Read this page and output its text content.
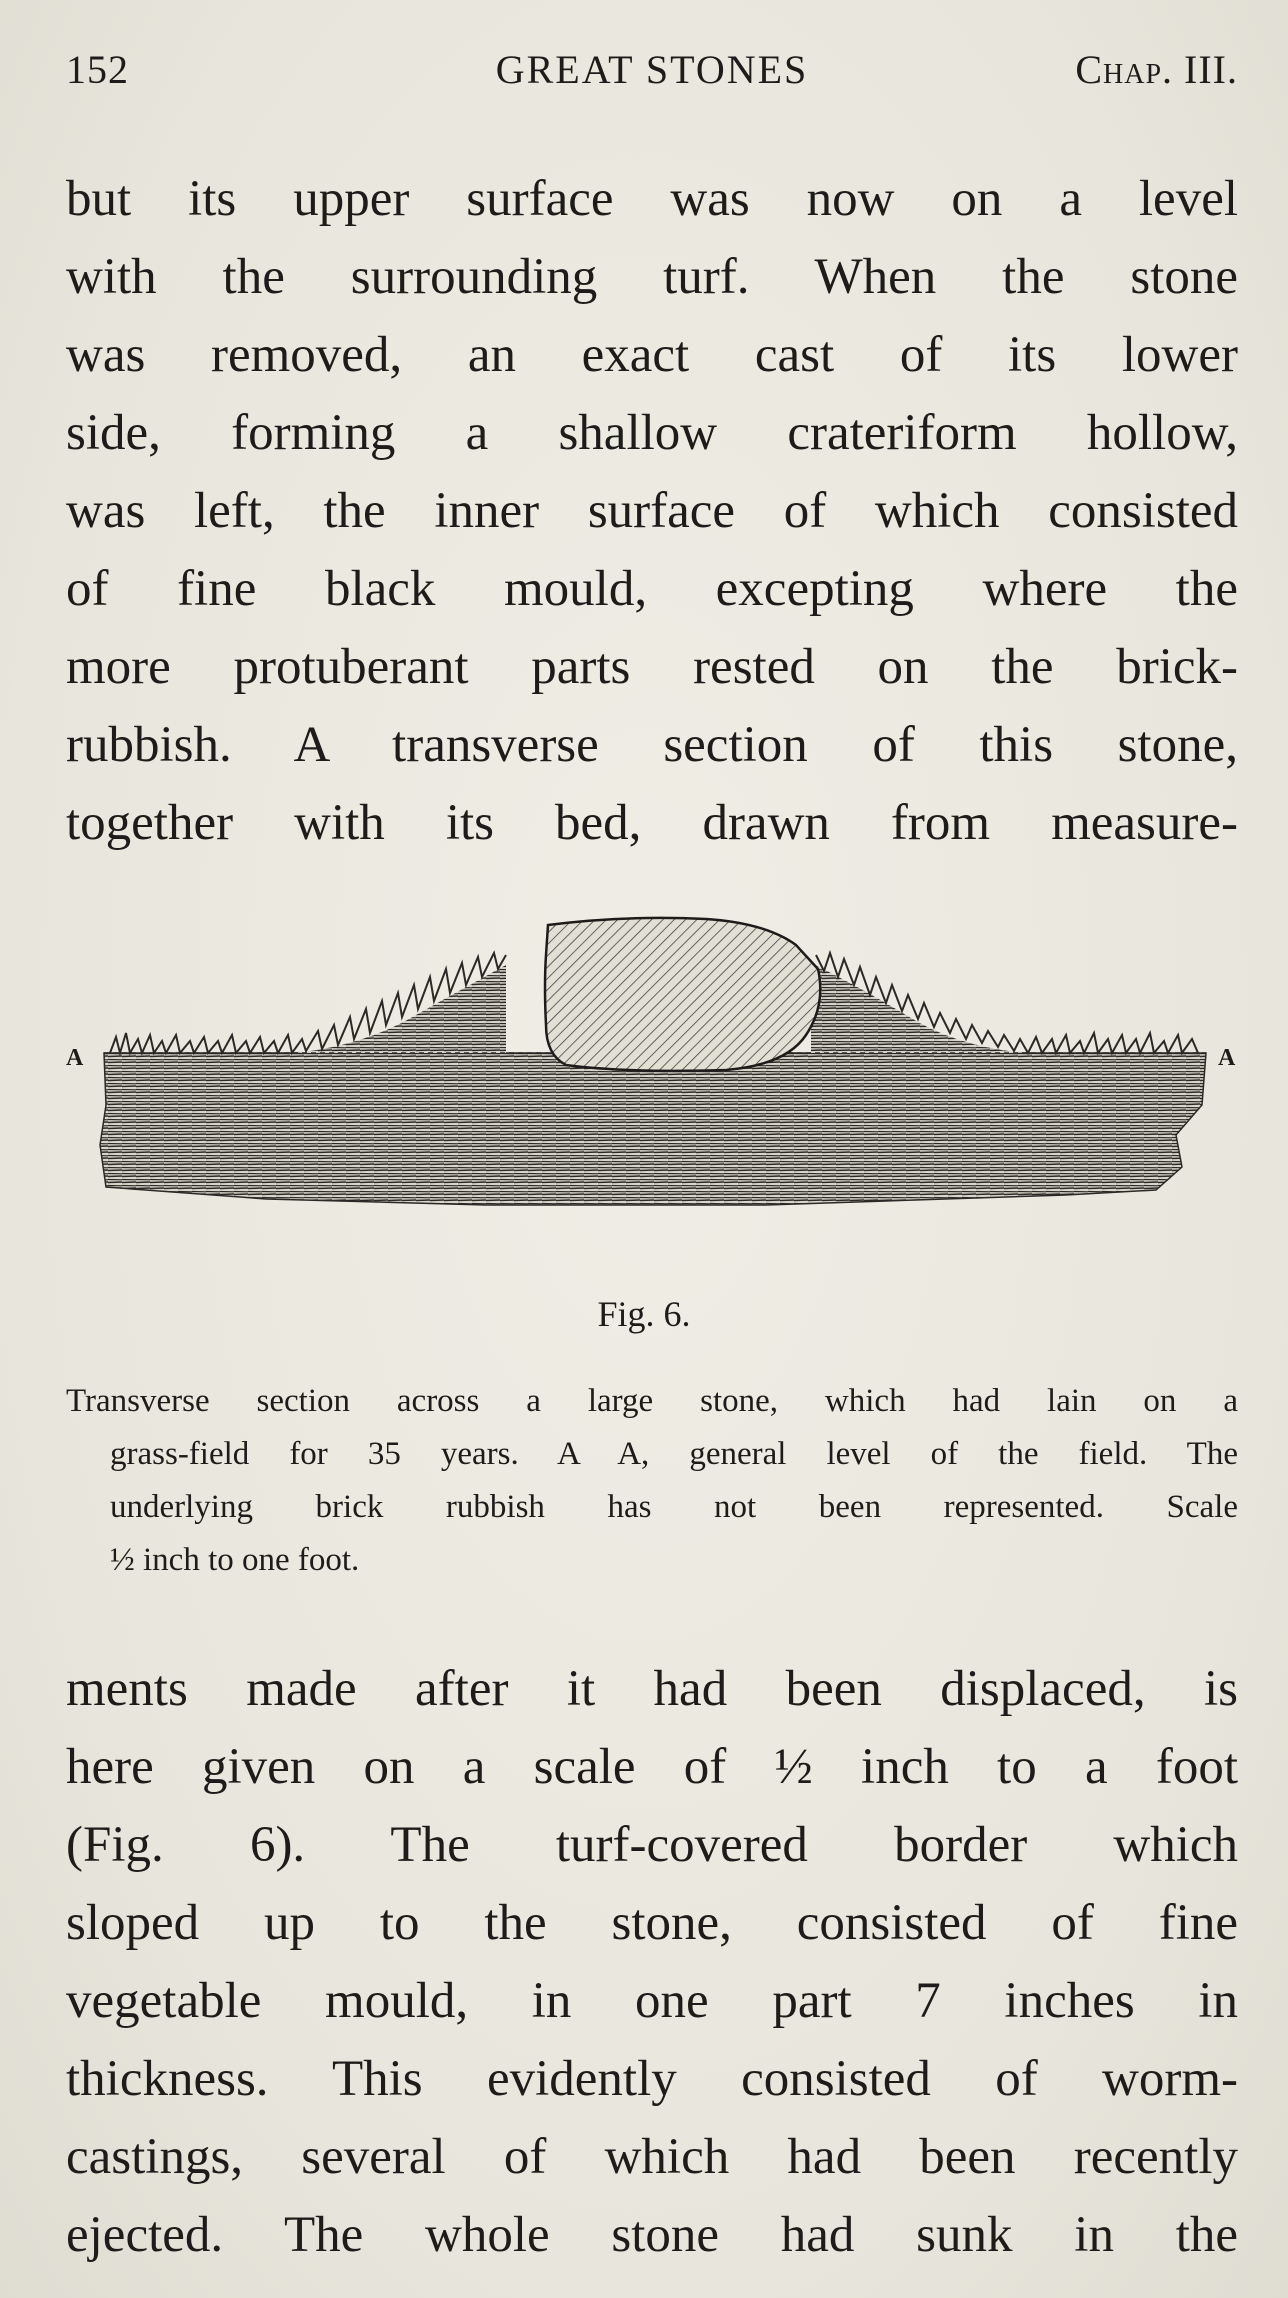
152	GREAT STONES	Chap. III.
but its upper surface was now on a level
with the surrounding turf. When the stone
was removed, an exact cast of its lower
side, forming a shallow crateriform hollow,
was left, the inner surface of which consisted
of fine black mould, excepting where the
more protuberant parts rested on the brick-
rubbish. A transverse section of this stone,
together with its bed, drawn from measure-
A	A
Fig. 6.
Transverse section across a large stone, which had lain on a
grass-field for 35 years. A A, general level of the field. The
underlying brick rubbish has not been represented. Scale
½ inch to one foot.
ments made after it had been displaced, is
here given on a scale of ½ inch to a foot
(Fig. 6). The turf-covered border which
sloped up to the stone, consisted of fine
vegetable mould, in one part 7 inches in
thickness. This evidently consisted of worm-
castings, several of which had been recently
ejected. The whole stone had sunk in the
